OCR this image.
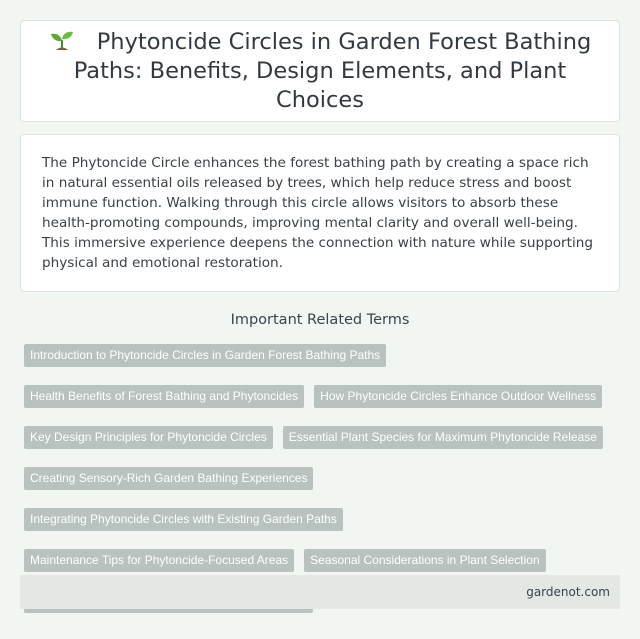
Phytoncide Circles in Garden Forest Bathing Paths: Benefits, Design Elements, and Plant Choices

The Phytoncide Circle enhances the forest bathing path by creating a space rich in natural essential oils released by trees, which help reduce stress and boost immune function. Walking through this circle allows visitors to absorb these health-promoting compounds, improving mental clarity and overall well-being. This immersive experience deepens the connection with nature while supporting physical and emotional restoration.

Important Related Terms
Introduction to Phytoncide Circles in Garden Forest Bathing Paths
Health Benefits of Forest Bathing and Phytoncides	How Phytoncide Circles Enhance Outdoor Wellness
Key Design Principles for Phytoncide Circles	Essential Plant Species for Maximum Phytoncide Release
Creating Sensory-Rich Garden Bathing Experiences
Integrating Phytoncide Circles with Existing Garden Paths
Maintenance Tips for Phytoncide-Focused Areas	Seasonal Considerations in Plant Selection
gardenot.com
